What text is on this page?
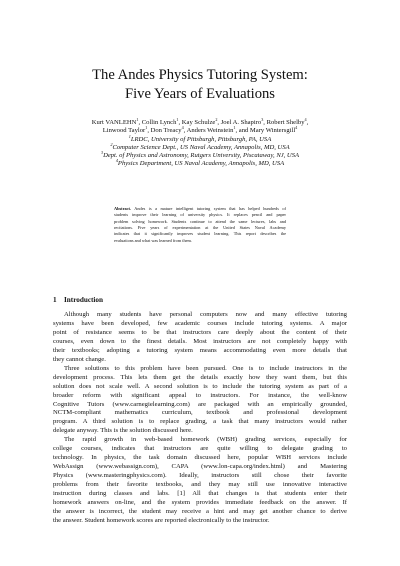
The Andes Physics Tutoring System:
Five Years of Evaluations
Kurt VANLEHN$^1$, Collin Lynch$^1$, Kay Schulze$^2$, Joel A. Shapiro$^3$, Robert Shelby$^4$,
Linwood Taylor$^1$, Don Treacy$^4$, Anders Weinstein$^1$, and Mary Wintersgill$^4$
$^1$LRDC, University of Pittsburgh, Pittsburgh, PA, USA
$^2$Computer Science Dept., US Naval Academy, Annapolis, MD, USA
$^3$Dept. of Physics and Astronomy, Rutgers University, Piscataway, NJ, USA
$^4$Physics Department, US Naval Academy, Annapolis, MD, USA
Abstract. Andes is a mature intelligent tutoring system that has helped hundreds of
students improve their learning of university physics. It replaces pencil and paper
problem solving homework. Students continue to attend the same lectures, labs and
recitations. Five years of experimentation at the United States Naval Academy
indicates that it significantly improves student learning. This report describes the
evaluations and what was learned from them.
1 Introduction

Although many students have personal computers now and many effective tutoring
systems have been developed, few academic courses include tutoring systems. A major
point of resistance seems to be that instructors care deeply about the content of their
courses, even down to the finest details. Most instructors are not completely happy with
their textbooks; adopting a tutoring system means accommodating even more details that
they cannot change.

Three solutions to this problem have been pursued. One is to include instructors in the
development process. This lets them get the details exactly how they want them, but this
solution does not scale well. A second solution is to include the tutoring system as part of a
broader reform with significant appeal to instructors. For instance, the well-know
Cognitive Tutors (www.carnegielearning.com) are packaged with an empirically grounded,
NCTM-compliant mathematics curriculum, textbook and professional development
program. A third solution is to replace grading, a task that many instructors would rather
delegate anyway. This is the solution discussed here.

The rapid growth in web-based homework (WBH) grading services, especially for
college courses, indicates that instructors are quite willing to delegate grading to
technology. In physics, the task domain discussed here, popular WBH services include
WebAssign (www.webassign.com), CAPA (www.lon-capa.org/index.html) and Mastering
Physics (www.masteringphysics.com). Ideally, instructors still chose their favorite
problems from their favorite textbooks, and they may still use innovative interactive
instruction during classes and labs. [1] All that changes is that students enter their
homework answers on-line, and the system provides immediate feedback on the answer. If
the answer is incorrect, the student may receive a hint and may get another chance to derive
the answer. Student homework scores are reported electronically to the instructor.
